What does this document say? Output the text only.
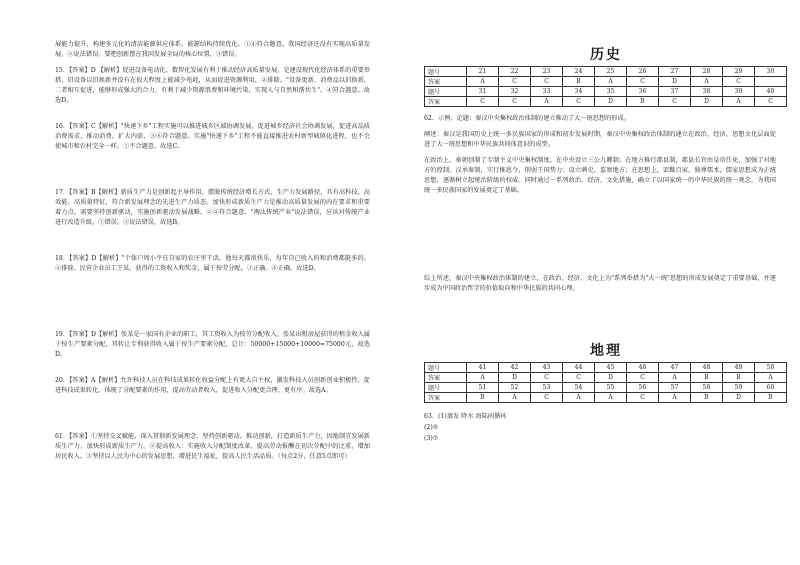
展能力提升，构建多元化的清洁能源供应体系，能源结构持续优化。①④符合题意。我国经济还没有实现高质量发展，②说法错误。要把创新摆在我国发展全局的核心位置，③错误。
15．【答案】D 【解析】促进设备电动化、数智化发展有利于推动经济高质量发展，是建设现代化经济体系的重要举措，旧设备以旧换新并没有在很大程度上能减少电耗，从而促进资源利用，②排除。"设备更新、消费品以旧换新，二者相互促进，能够形成强大的合力，有利于减少资源浪费和环境污染，实现人与自然和谐共生"。④符合题意。故选D。
16．【答案】C【解析】"快递下乡"工程实施可以推进城乡区域协调发展，促进城乡经济社会协调发展，促进高品质消费需求，推动消费，扩大内需，③⑥符合题意。实施"快递下乡"工程不能直接推进农村新型城镇化进程，也不会使城市和农村完全一样，①不合题意，故选C。
17．【答案】B【解析】新质生产力是创新起主导作用，摆脱传统经济增长方式、生产力发展路径，具有高科技、高效能、高质量特征，符合新发展理念的先进生产力质态。加快形成新质生产力是推动高质量发展的内在要求和重要着力点，需要坚持创新驱动，实施创新驱动发展战略，②④符合题意。"淘汰传统产业"说法错误，应该对传统产业进行改造升级，①错误。③说法错误，故选B。
18．【答案】D【解析】"个体户周小平在自家的农庄里干活，他每天都很快乐，每年自己收入的和消费都挺多的。②排除。民营企业员工王某，获得的工资收入和奖金，属于按劳分配。③正确。④正确。故选D。
19．【答案】D【解析】张某是一家国有企业的职工，其工资收入为按劳分配收入。张某出租房屋获得的租金收入属于按生产要素分配，其转让专利获得收入属于按生产要素分配，总计：50000+15000+10000=75000元，故选D。
20．【答案】A【解析】允许科技人员在科技成果转化收益分配上有更大自主权，激发科技人员创新创业积极性，促进科技成果转化。体现了分配要素的作用，提高劳动者收入，促进收入分配更合理、更有序。故选A。
61．【答案】①坚持交叉赋能，深入贯彻新发展理念，坚持创新驱动。推动创新，打造新质生产力，因地制宜发展新质生产力，加快形成新质生产力。②提高收入：实施收入分配制度改革，提高劳动报酬在初次分配中的比重，增加居民收入。③坚持以人民为中心的发展思想，增进民生福祉，提高人民生活品质。（每点2分，任意5点即可）
历史
题号	21	22	23	24	25	26	27	28	29	30
答案	A	C	C	B	A	C	D	A	C	
题号	31	32	33	34	35	36	37	38	39	40
答案	C	C	A	C	D	B	C	D	A	C
62．示例：论题：秦汉中央集权政治体制的建立推动了大一统思想的形成。
阐述：秦汉是我国历史上统一多民族国家的形成和初步发展时期，秦汉中央集权政治体制的建立在政治、经济、思想文化层面促进了大一统思想和中华民族共同体意识的成型。
在政治上，秦朝创制了专制主义中央集权制度。在中央设立三公九卿制；在地方推行郡县制，郡县长官由皇帝任免，加强了对地方的控制。汉承秦制，实行推恩令，削弱王国势力；设立刺史，监察地方；在思想上，罢黜百家，独尊儒术，儒家思想成为正统思想，逐渐树立起统治阶级的权威。同时通过一系列政治、经济、文化措施，确立了以国家统一的中华民族的统一观念，为我国统一多民族国家的发展奠定了基础。
综上所述，秦汉中央集权政治体制的建立，在政治、经济、文化上为"系列举措为"大一统"思想的形成发展奠定了重要基础，并逐步成为中国政治哲学的价值取向和中华民族的共同心理。
地理
题号	41	42	43	44	45	46	47	48	49	50
答案	A	D	C	C	D	C	A	B	B	A
题号	51	52	53	54	55	56	57	58	59	60
答案	B	A	C	A	A	C	A	B	D	B
63．(1)蒸发 降水 海陆间循环
(2)⑤
(3)⑦
